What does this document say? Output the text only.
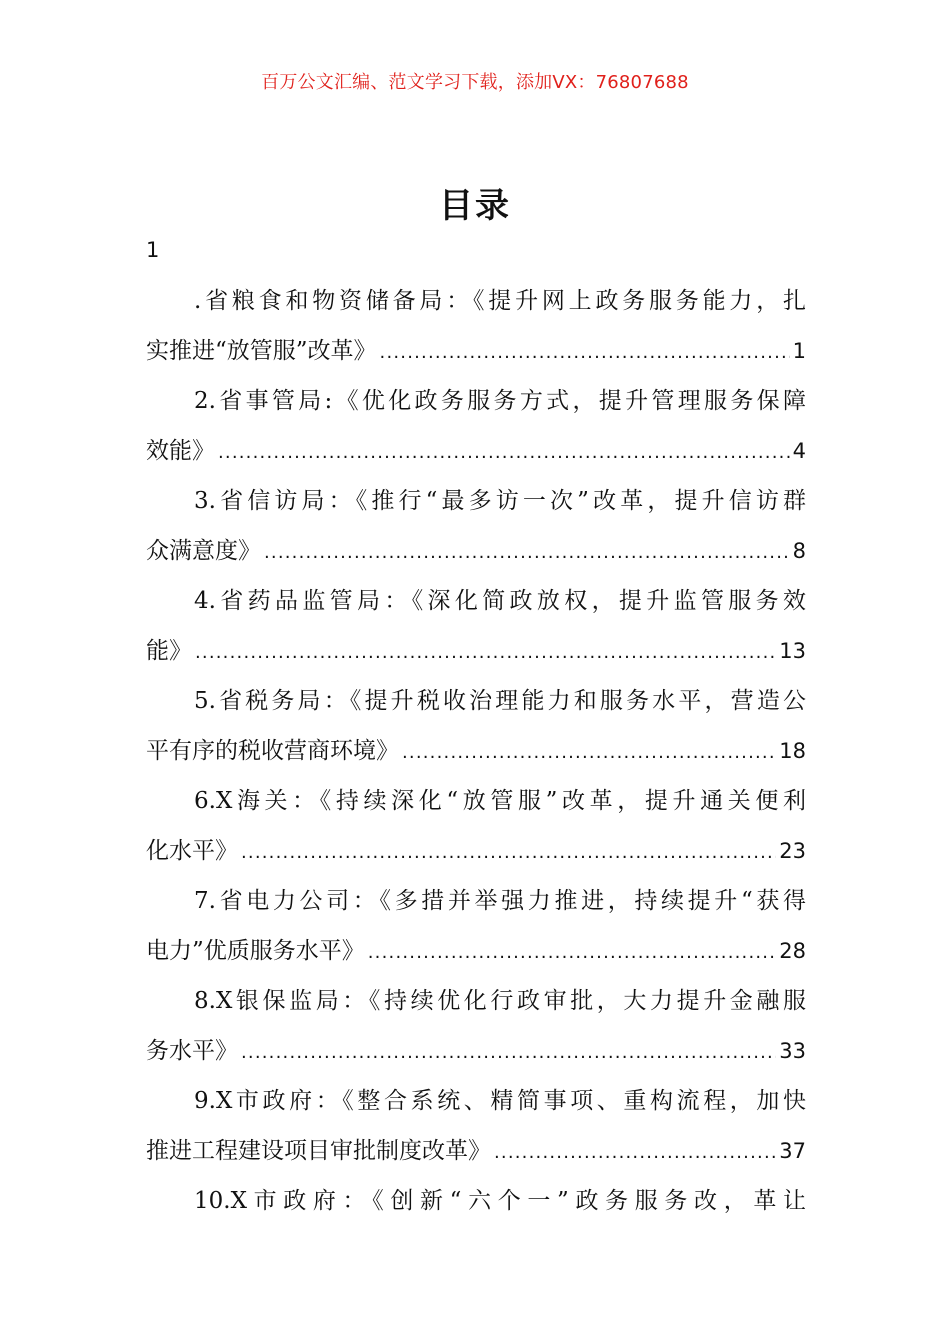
百万公文汇编、范文学习下载，添加VX：76807688
目录
1
.省粮食和物资储备局：《提升网上政务服务能力，扎
实推进“放管服”改革》 .....	1
2.省事管局:《优化政务服务方式，提升管理服务保障
效能》 .....	4
3.省信访局：《推行“最多访一次”改革，提升信访群
众满意度》 .....	8
4.省药品监管局：《深化简政放权，提升监管服务效
能》 .....	13
5.省税务局：《提升税收治理能力和服务水平，营造公
平有序的税收营商环境》 .....	18
6.X海关：《持续深化“放管服”改革，提升通关便利
化水平》 .....	23
7.省电力公司：《多措并举强力推进，持续提升“获得
电力”优质服务水平》 .....	28
8.X银保监局：《持续优化行政审批，大力提升金融服
务水平》 .....	33
9.X市政府：《整合系统、精简事项、重构流程，加快
推进工程建设项目审批制度改革》 .....	37
10.X市政府：《创新“六个一”政务服务改，革让
